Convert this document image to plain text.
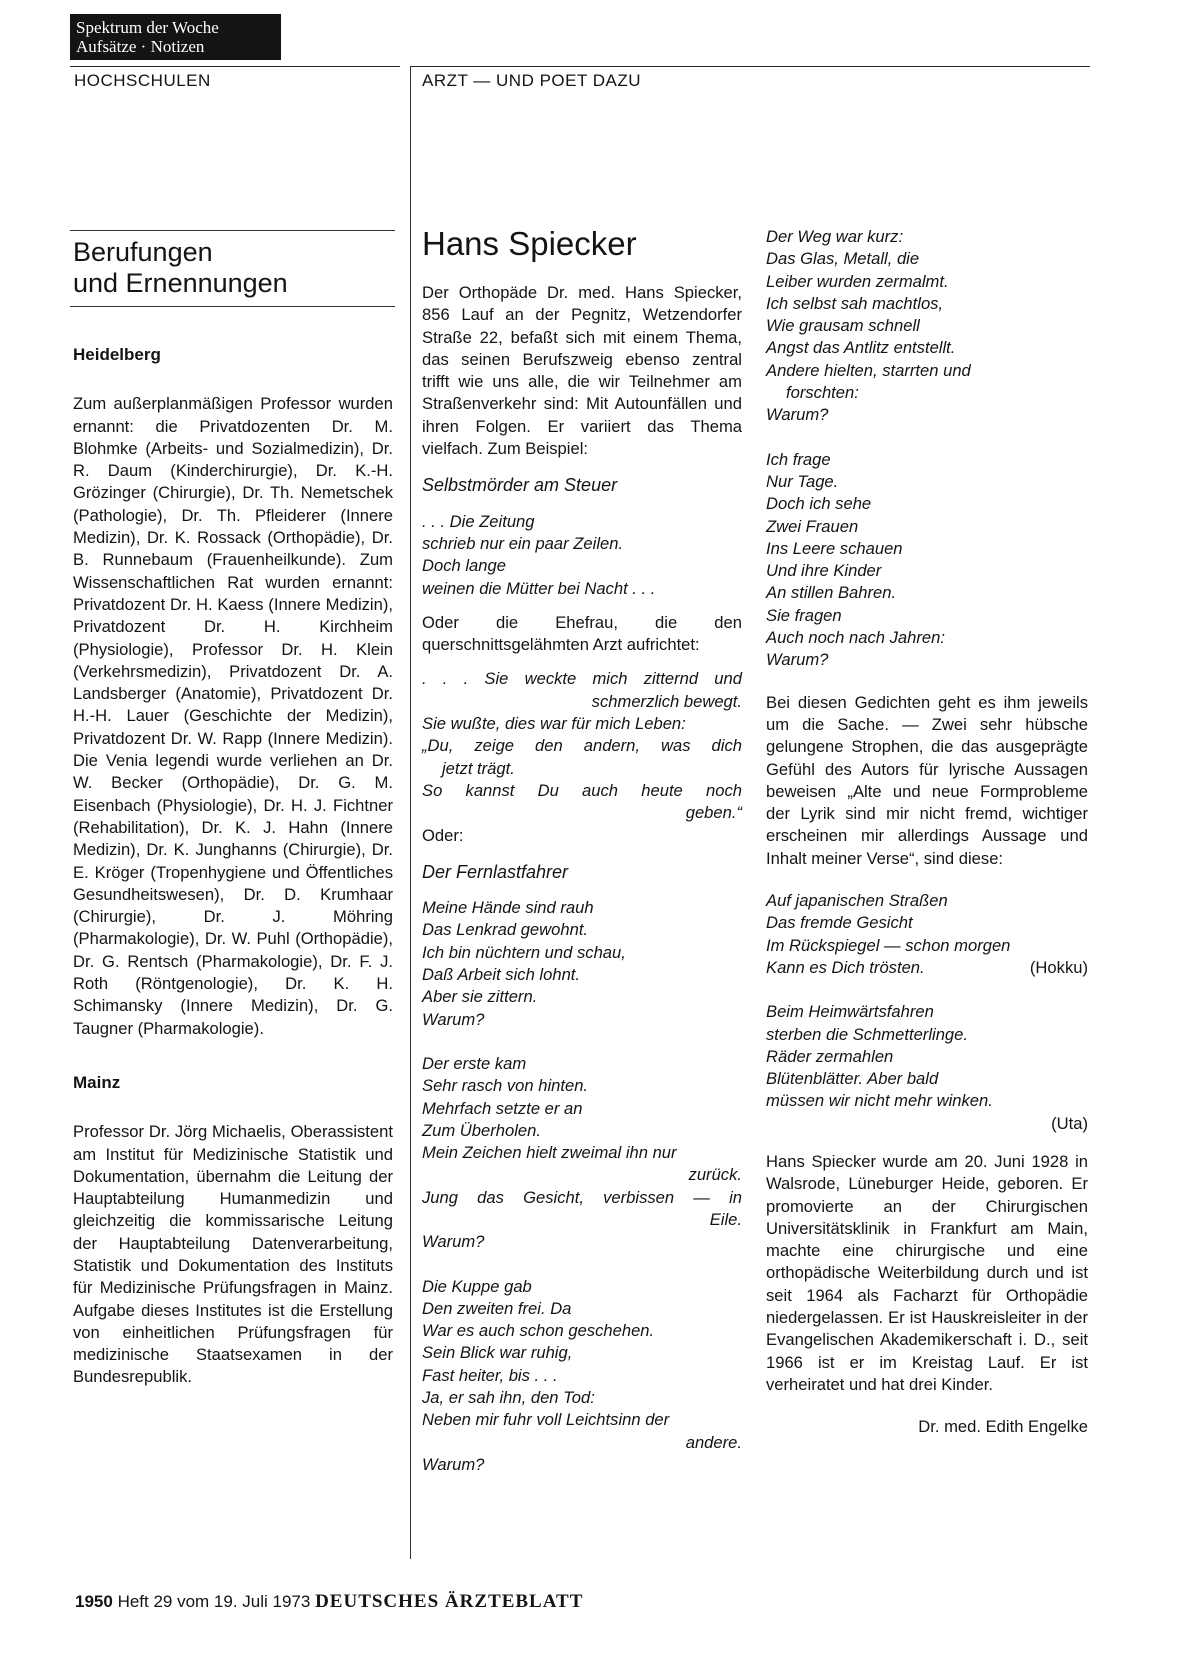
Spektrum der Woche
Aufsätze · Notizen
HOCHSCHULEN	ARZT — UND POET DAZU
Berufungen
und Ernennungen
Heidelberg

Zum außerplanmäßigen Professor wurden ernannt: die Privatdozenten Dr. M. Blohmke (Arbeits- und Sozialmedizin), Dr. R. Daum (Kinderchirurgie), Dr. K.-H. Grözinger (Chirurgie), Dr. Th. Nemetschek (Pathologie), Dr. Th. Pfleiderer (Innere Medizin), Dr. K. Rossack (Orthopädie), Dr. B. Runnebaum (Frauenheilkunde). Zum Wissenschaftlichen Rat wurden ernannt: Privatdozent Dr. H. Kaess (Innere Medizin), Privatdozent Dr. H. Kirchheim (Physiologie), Professor Dr. H. Klein (Verkehrsmedizin), Privatdozent Dr. A. Landsberger (Anatomie), Privatdozent Dr. H.-H. Lauer (Geschichte der Medizin), Privatdozent Dr. W. Rapp (Innere Medizin). Die Venia legendi wurde verliehen an Dr. W. Becker (Orthopädie), Dr. G. M. Eisenbach (Physiologie), Dr. H. J. Fichtner (Rehabilitation), Dr. K. J. Hahn (Innere Medizin), Dr. K. Junghanns (Chirurgie), Dr. E. Kröger (Tropenhygiene und Öffentliches Gesundheitswesen), Dr. D. Krumhaar (Chirurgie), Dr. J. Möhring (Pharmakologie), Dr. W. Puhl (Orthopädie), Dr. G. Rentsch (Pharmakologie), Dr. F. J. Roth (Röntgenologie), Dr. K. H. Schimansky (Innere Medizin), Dr. G. Taugner (Pharmakologie).

Mainz

Professor Dr. Jörg Michaelis, Oberassistent am Institut für Medizinische Statistik und Dokumentation, übernahm die Leitung der Hauptabteilung Humanmedizin und gleichzeitig die kommissarische Leitung der Hauptabteilung Datenverarbeitung, Statistik und Dokumentation des Instituts für Medizinische Prüfungsfragen in Mainz. Aufgabe dieses Institutes ist die Erstellung von einheitlichen Prüfungsfragen für medizinische Staatsexamen in der Bundesrepublik.

Hans Spiecker

Der Orthopäde Dr. med. Hans Spiecker, 856 Lauf an der Pegnitz, Wetzendorfer Straße 22, befaßt sich mit einem Thema, das seinen Berufszweig ebenso zentral trifft wie uns alle, die wir Teilnehmer am Straßenverkehr sind: Mit Autounfällen und ihren Folgen. Er variiert das Thema vielfach. Zum Beispiel:

Selbstmörder am Steuer

. . . Die Zeitung

schrieb nur ein paar Zeilen.

Doch lange

weinen die Mütter bei Nacht . . .

Oder die Ehefrau, die den querschnittsgelähmten Arzt aufrichtet:

. . . Sie weckte mich zitternd und

schmerzlich bewegt.

Sie wußte, dies war für mich Leben:

„Du, zeige den andern, was dich

jetzt trägt.

So kannst Du auch heute noch

geben.“

Oder:

Der Fernlastfahrer

Meine Hände sind rauh

Das Lenkrad gewohnt.

Ich bin nüchtern und schau,

Daß Arbeit sich lohnt.

Aber sie zittern.

Warum?

Der erste kam

Sehr rasch von hinten.

Mehrfach setzte er an

Zum Überholen.

Mein Zeichen hielt zweimal ihn nur

zurück.

Jung das Gesicht, verbissen — in

Eile.

Warum?

Die Kuppe gab

Den zweiten frei. Da

War es auch schon geschehen.

Sein Blick war ruhig,

Fast heiter, bis . . .

Ja, er sah ihn, den Tod:

Neben mir fuhr voll Leichtsinn der

andere.

Warum?

Der Weg war kurz:

Das Glas, Metall, die

Leiber wurden zermalmt.

Ich selbst sah machtlos,

Wie grausam schnell

Angst das Antlitz entstellt.

Andere hielten, starrten und

forschten:

Warum?

Ich frage

Nur Tage.

Doch ich sehe

Zwei Frauen

Ins Leere schauen

Und ihre Kinder

An stillen Bahren.

Sie fragen

Auch noch nach Jahren:

Warum?

Bei diesen Gedichten geht es ihm jeweils um die Sache. — Zwei sehr hübsche gelungene Strophen, die das ausgeprägte Gefühl des Autors für lyrische Aussagen beweisen „Alte und neue Formprobleme der Lyrik sind mir nicht fremd, wichtiger erscheinen mir allerdings Aussage und Inhalt meiner Verse“, sind diese:

Auf japanischen Straßen

Das fremde Gesicht

Im Rückspiegel — schon morgen

Kann es Dich trösten.	(Hokku)

Beim Heimwärtsfahren

sterben die Schmetterlinge.

Räder zermahlen

Blütenblätter. Aber bald

müssen wir nicht mehr winken.

(Uta)

Hans Spiecker wurde am 20. Juni 1928 in Walsrode, Lüneburger Heide, geboren. Er promovierte an der Chirurgischen Universitätsklinik in Frankfurt am Main, machte eine chirurgische und eine orthopädische Weiterbildung durch und ist seit 1964 als Facharzt für Orthopädie niedergelassen. Er ist Hauskreisleiter in der Evangelischen Akademikerschaft i. D., seit 1966 ist er im Kreistag Lauf. Er ist verheiratet und hat drei Kinder.

Dr. med. Edith Engelke

1950 Heft 29 vom 19. Juli 1973 DEUTSCHES ÄRZTEBLATT
